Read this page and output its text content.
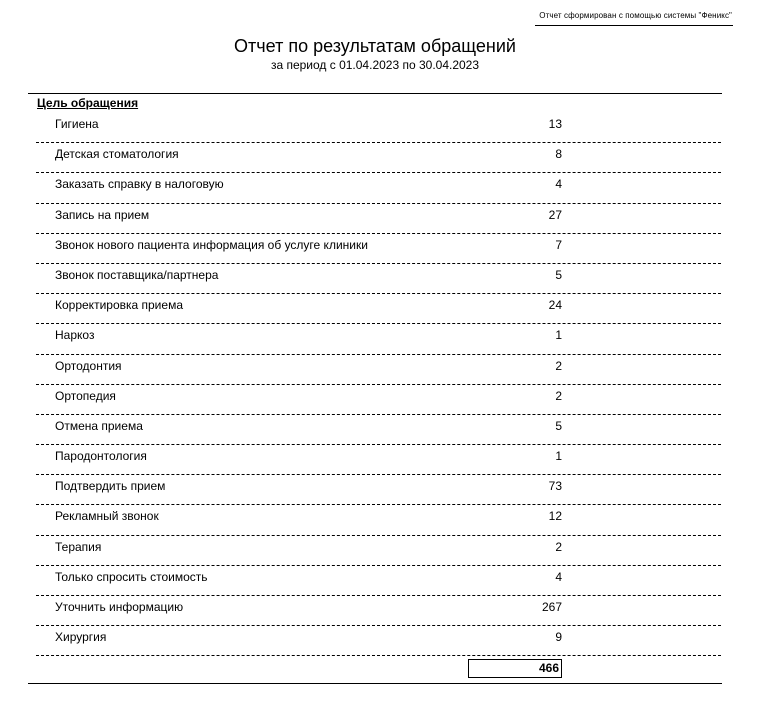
Отчет сформирован с помощью системы "Феникс"
Отчет по результатам обращений
за период с 01.04.2023 по 30.04.2023
Цель обращения
Гигиена	13
Детская стоматология	8
Заказать справку в налоговую	4
Запись на прием	27
Звонок нового пациента информация об услуге клиники	7
Звонок поставщика/партнера	5
Корректировка приема	24
Наркоз	1
Ортодонтия	2
Ортопедия	2
Отмена приема	5
Пародонтология	1
Подтвердить прием	73
Рекламный звонок	12
Терапия	2
Только спросить стоимость	4
Уточнить информацию	267
Хирургия	9
466
